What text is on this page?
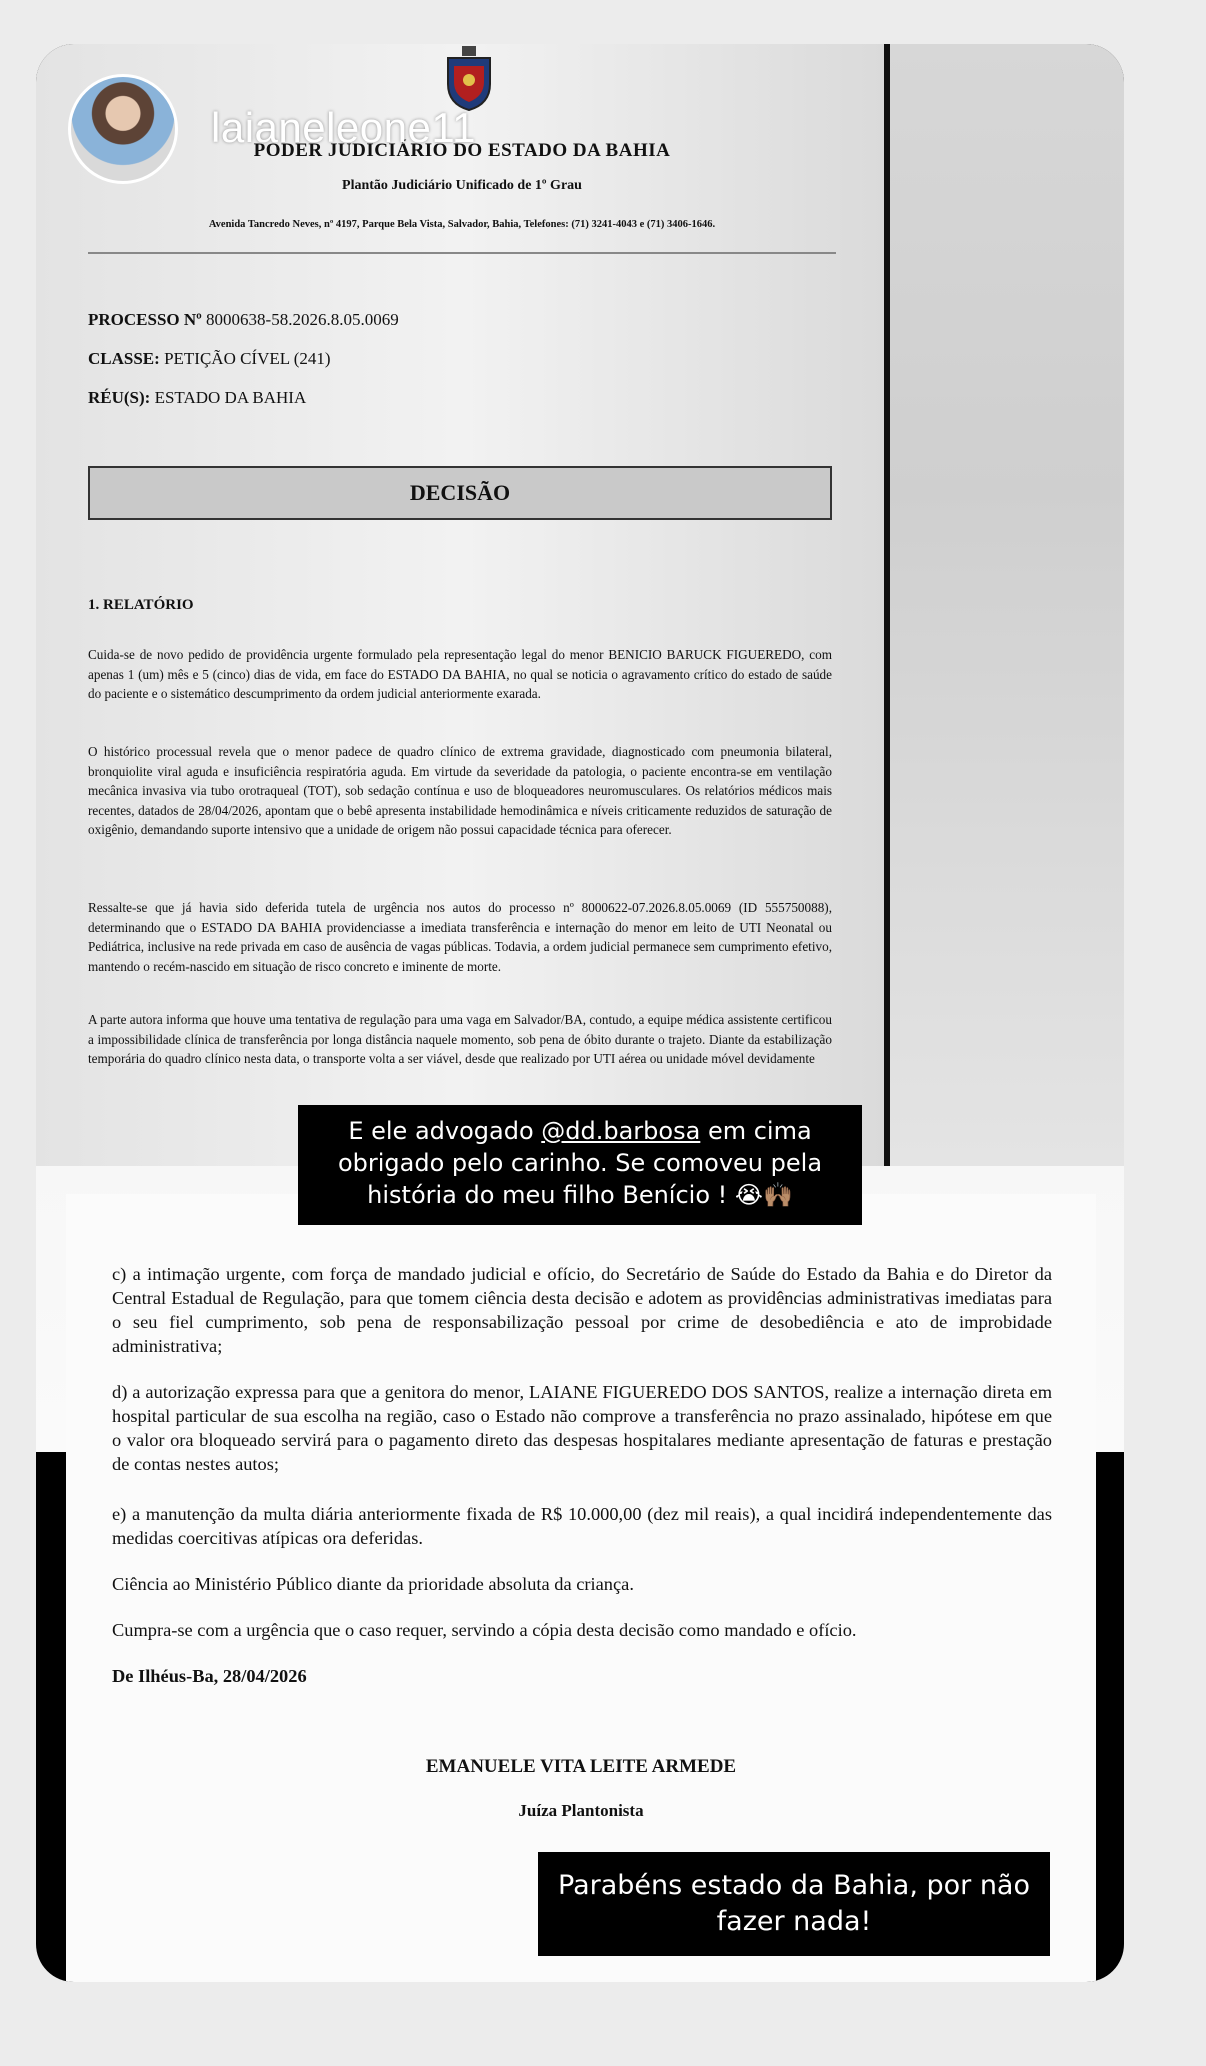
PODER JUDICIÁRIO DO ESTADO DA BAHIA
Plantão Judiciário Unificado de 1º Grau
Avenida Tancredo Neves, nº 4197, Parque Bela Vista, Salvador, Bahia, Telefones: (71) 3241-4043 e (71) 3406-1646.
PROCESSO Nº 8000638-58.2026.8.05.0069
CLASSE: PETIÇÃO CÍVEL (241)
RÉU(S): ESTADO DA BAHIA
DECISÃO
1. RELATÓRIO
Cuida-se de novo pedido de providência urgente formulado pela representação legal do menor BENICIO BARUCK FIGUEREDO, com apenas 1 (um) mês e 5 (cinco) dias de vida, em face do ESTADO DA BAHIA, no qual se noticia o agravamento crítico do estado de saúde do paciente e o sistemático descumprimento da ordem judicial anteriormente exarada.
O histórico processual revela que o menor padece de quadro clínico de extrema gravidade, diagnosticado com pneumonia bilateral, bronquiolite viral aguda e insuficiência respiratória aguda. Em virtude da severidade da patologia, o paciente encontra-se em ventilação mecânica invasiva via tubo orotraqueal (TOT), sob sedação contínua e uso de bloqueadores neuromusculares. Os relatórios médicos mais recentes, datados de 28/04/2026, apontam que o bebê apresenta instabilidade hemodinâmica e níveis criticamente reduzidos de saturação de oxigênio, demandando suporte intensivo que a unidade de origem não possui capacidade técnica para oferecer.
Ressalte-se que já havia sido deferida tutela de urgência nos autos do processo nº 8000622-07.2026.8.05.0069 (ID 555750088), determinando que o ESTADO DA BAHIA providenciasse a imediata transferência e internação do menor em leito de UTI Neonatal ou Pediátrica, inclusive na rede privada em caso de ausência de vagas públicas. Todavia, a ordem judicial permanece sem cumprimento efetivo, mantendo o recém-nascido em situação de risco concreto e iminente de morte.
A parte autora informa que houve uma tentativa de regulação para uma vaga em Salvador/BA, contudo, a equipe médica assistente certificou a impossibilidade clínica de transferência por longa distância naquele momento, sob pena de óbito durante o trajeto. Diante da estabilização temporária do quadro clínico nesta data, o transporte volta a ser viável, desde que realizado por UTI aérea ou unidade móvel devidamente
c) a intimação urgente, com força de mandado judicial e ofício, do Secretário de Saúde do Estado da Bahia e do Diretor da Central Estadual de Regulação, para que tomem ciência desta decisão e adotem as providências administrativas imediatas para o seu fiel cumprimento, sob pena de responsabilização pessoal por crime de desobediência e ato de improbidade administrativa;
d) a autorização expressa para que a genitora do menor, LAIANE FIGUEREDO DOS SANTOS, realize a internação direta em hospital particular de sua escolha na região, caso o Estado não comprove a transferência no prazo assinalado, hipótese em que o valor ora bloqueado servirá para o pagamento direto das despesas hospitalares mediante apresentação de faturas e prestação de contas nestes autos;
e) a manutenção da multa diária anteriormente fixada de R$ 10.000,00 (dez mil reais), a qual incidirá independentemente das medidas coercitivas atípicas ora deferidas.
Ciência ao Ministério Público diante da prioridade absoluta da criança.
Cumpra-se com a urgência que o caso requer, servindo a cópia desta decisão como mandado e ofício.
De Ilhéus-Ba, 28/04/2026
EMANUELE VITA LEITE ARMEDE
Juíza Plantonista
laianeleone11
E ele advogado @dd.barbosa em cima obrigado pelo carinho. Se comoveu pela história do meu filho Benício ! 😭🙌🏽
Parabéns estado da Bahia, por não fazer nada!
